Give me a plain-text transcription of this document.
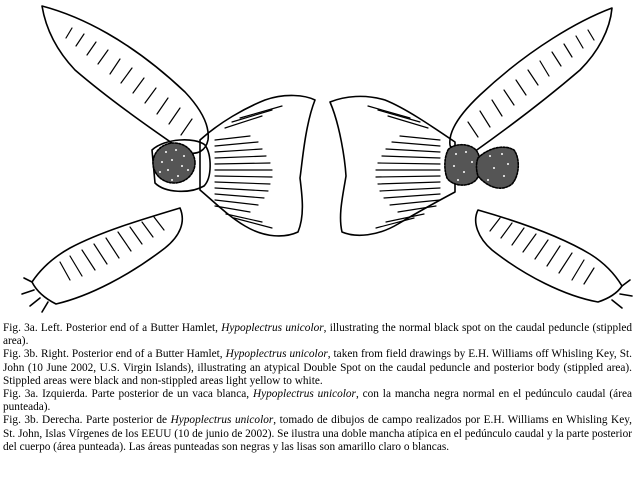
Fig. 3a. Left. Posterior end of a Butter Hamlet, Hypoplectrus unicolor, illustrating the normal black spot on the caudal peduncle (stippled area).

Fig. 3b. Right. Posterior end of a Butter Hamlet, Hypoplectrus unicolor, taken from field drawings by E.H. Williams off Whisling Key, St. John (10 June 2002, U.S. Virgin Islands), illustrating an atypical Double Spot on the caudal peduncle and posterior body (stippled area). Stippled areas were black and non-stippled areas light yellow to white.

Fig. 3a. Izquierda. Parte posterior de un vaca blanca, Hypoplectrus unicolor, con la mancha negra normal en el pedúnculo caudal (área punteada).

Fig. 3b. Derecha. Parte posterior de Hypoplectrus unicolor, tomado de dibujos de campo realizados por E.H. Williams en Whisling Key, St. John, Islas Vírgenes de los EEUU (10 de junio de 2002). Se ilustra una doble mancha atípica en el pedúnculo caudal y la parte posterior del cuerpo (área punteada). Las áreas punteadas son negras y las lisas son amarillo claro o blancas.
